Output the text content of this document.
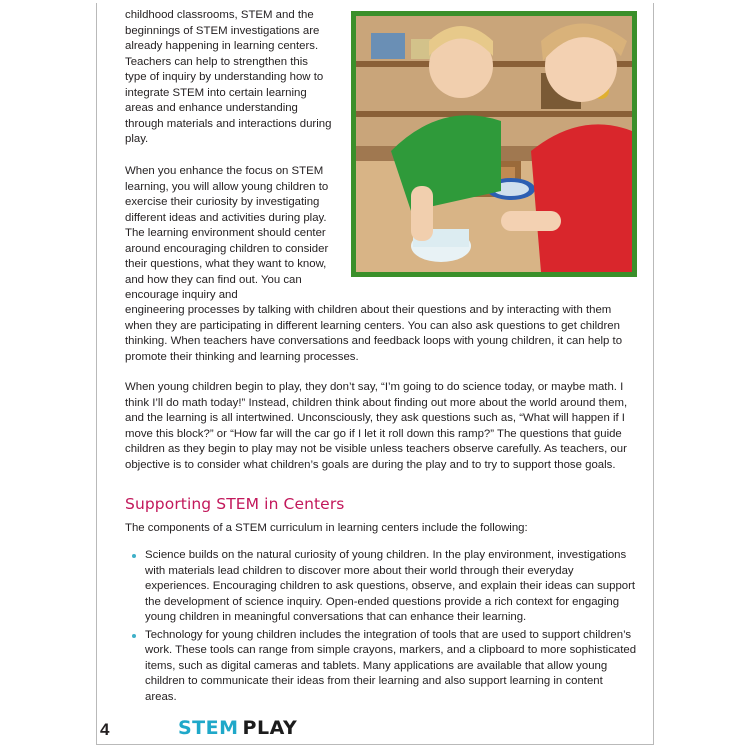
childhood classrooms, STEM and the beginnings of STEM investigations are already happening in learning centers. Teachers can help to strengthen this type of inquiry by understanding how to integrate STEM into certain learning areas and enhance understanding through materials and interactions during play.

When you enhance the focus on STEM learning, you will allow young children to exercise their curiosity by investigating different ideas and activities during play. The learning environment should center around encouraging children to consider their questions, what they want to know, and how they can find out. You can encourage inquiry and

engineering processes by talking with children about their questions and by interacting with them when they are participating in different learning centers. You can also ask questions to get children thinking. When teachers have conversations and feedback loops with young children, it can help to promote their thinking and learning processes.

When young children begin to play, they don’t say, “I’m going to do science today, or maybe math. I think I’ll do math today!” Instead, children think about finding out more about the world around them, and the learning is all intertwined. Unconsciously, they ask questions such as, “What will happen if I move this block?” or “How far will the car go if I let it roll down this ramp?” The questions that guide children as they begin to play may not be visible unless teachers observe carefully. As teachers, our objective is to consider what children’s goals are during the play and to try to support those goals.

Supporting STEM in Centers

The components of a STEM curriculum in learning centers include the following:

Science builds on the natural curiosity of young children. In the play environment, investigations with materials lead children to discover more about their world through their everyday experiences. Encouraging children to ask questions, observe, and explain their ideas can support the development of science inquiry. Open-ended questions provide a rich context for engaging young children in meaningful conversations that can enhance their learning.
Technology for young children includes the integration of tools that are used to support children’s work. These tools can range from simple crayons, markers, and a clipboard to more sophisticated items, such as digital cameras and tablets. Many applications are available that allow young children to communicate their ideas from their learning and also support learning in content areas.

4	STEM PLAY
